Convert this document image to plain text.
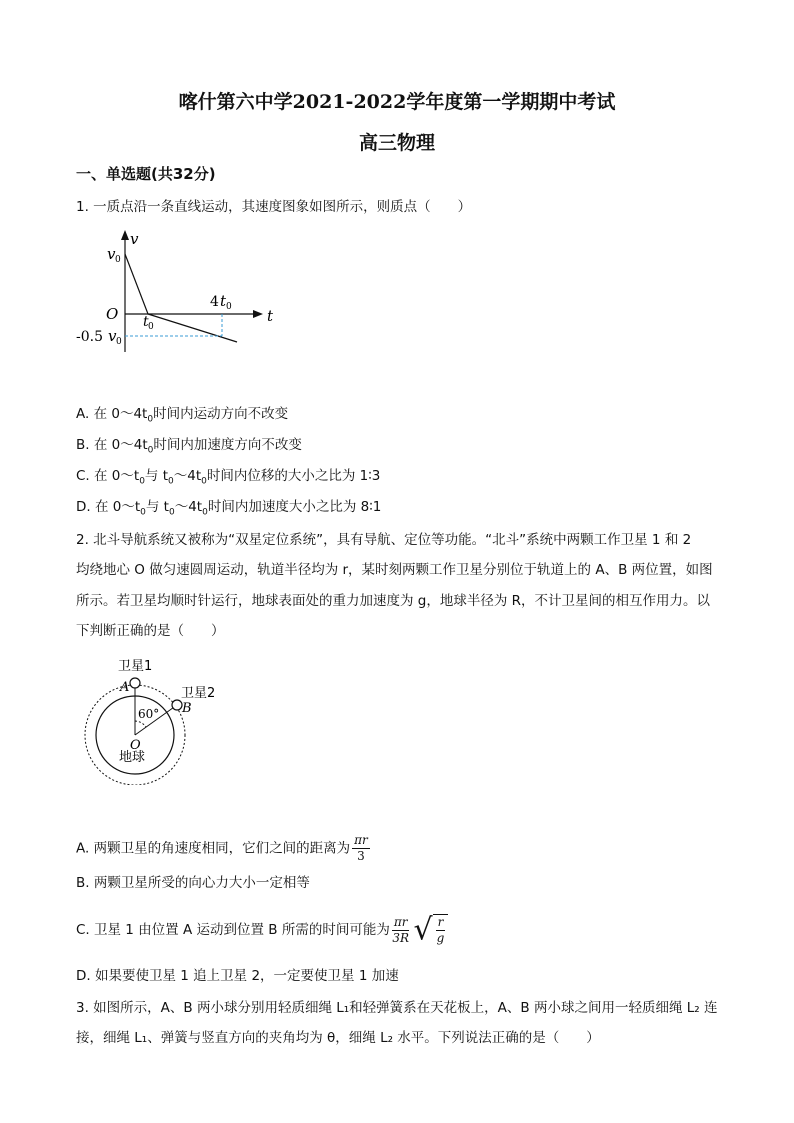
喀什第六中学2021-2022学年度第一学期期中考试
高三物理
一、单选题(共32分)
1. 一质点沿一条直线运动，其速度图象如图所示，则质点（　　）
v
t
O
v 0
-0.5 v 0
t 0
4 t 0
A. 在 $0\sim 4t_0$时间内运动方向不改变
B. 在 $0\sim 4t_0$时间内加速度方向不改变
C. 在 $0\sim t_0$与 $t_0\sim 4t_0$时间内位移的大小之比为 1∶3
D. 在 $0\sim t_0$与 $t_0\sim 4t_0$时间内加速度大小之比为 8∶1
2. 北斗导航系统又被称为“双星定位系统”，具有导航、定位等功能。“北斗”系统中两颗工作卫星 1 和 2
均绕地心 O 做匀速圆周运动，轨道半径均为 r，某时刻两颗工作卫星分别位于轨道上的 A、B 两位置，如图
所示。若卫星均顺时针运行，地球表面处的重力加速度为 g，地球半径为 R，不计卫星间的相互作用力。以
下判断正确的是（　　）
卫星1
卫星2
A
B
60°
O
地球
A. 两颗卫星的角速度相同，它们之间的距离为 $\frac{\pi r}{3}$
B. 两颗卫星所受的向心力大小一定相等
C. 卫星 1 由位置 A 运动到位置 B 所需的时间可能为 $\frac{\pi r}{3R}$ √ $\frac{r}{g}$
D. 如果要使卫星 1 追上卫星 2，一定要使卫星 1 加速
3. 如图所示，A、B 两小球分别用轻质细绳 L₁和轻弹簧系在天花板上，A、B 两小球之间用一轻质细绳 L₂ 连
接，细绳 L₁、弹簧与竖直方向的夹角均为 θ，细绳 L₂ 水平。下列说法正确的是（　　）
